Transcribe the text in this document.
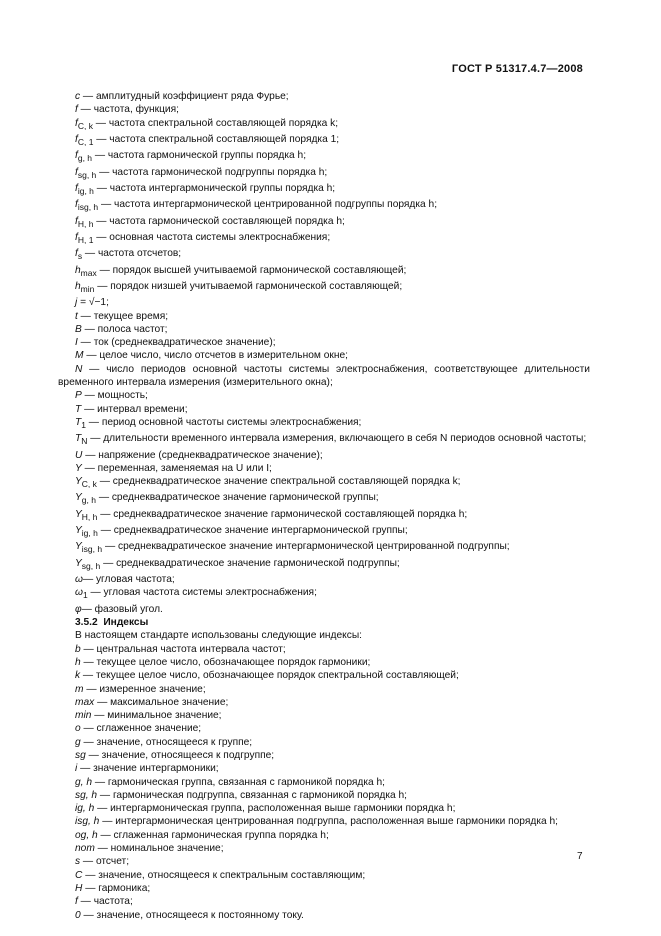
ГОСТ Р 51317.4.7—2008
c — амплитудный коэффициент ряда Фурье;
f — частота, функция;
$f_{C, k}$ — частота спектральной составляющей порядка k;
$f_{C, 1}$ — частота спектральной составляющей порядка 1;
$f_{g, h}$ — частота гармонической группы порядка h;
$f_{sg, h}$ — частота гармонической подгруппы порядка h;
$f_{ig, h}$ — частота интергармонической группы порядка h;
$f_{isg, h}$ — частота интергармонической центрированной подгруппы порядка h;
$f_{H, h}$ — частота гармонической составляющей порядка h;
$f_{H, 1}$ — основная частота системы электроснабжения;
$f_s$ — частота отсчетов;
$h_{max}$ — порядок высшей учитываемой гармонической составляющей;
$h_{min}$ — порядок низшей учитываемой гармонической составляющей;
j = √−1;
t — текущее время;
B — полоса частот;
I — ток (среднеквадратическое значение);
M — целое число, число отсчетов в измерительном окне;
N — число периодов основной частоты системы электроснабжения, соответствующее длительности временного интервала измерения (измерительного окна);
P — мощность;
T — интервал времени;
$T_1$ — период основной частоты системы электроснабжения;
$T_N$ — длительности временного интервала измерения, включающего в себя N периодов основной частоты;
U — напряжение (среднеквадратическое значение);
Y — переменная, заменяемая на U или I;
$Y_{C, k}$ — среднеквадратическое значение спектральной составляющей порядка k;
$Y_{g, h}$ — среднеквадратическое значение гармонической группы;
$Y_{H, h}$ — среднеквадратическое значение гармонической составляющей порядка h;
$Y_{ig, h}$ — среднеквадратическое значение интергармонической группы;
$Y_{isg, h}$ — среднеквадратическое значение интергармонической центрированной подгруппы;
$Y_{sg, h}$ — среднеквадратическое значение гармонической подгруппы;
ω— угловая частота;
$\omega_1$ — угловая частота системы электроснабжения;
φ— фазовый угол.
3.5.2 Индексы
В настоящем стандарте использованы следующие индексы:
b — центральная частота интервала частот;
h — текущее целое число, обозначающее порядок гармоники;
k — текущее целое число, обозначающее порядок спектральной составляющей;
m — измеренное значение;
max — максимальное значение;
min — минимальное значение;
o — сглаженное значение;
g — значение, относящееся к группе;
sg — значение, относящееся к подгруппе;
i — значение интергармоники;
g, h — гармоническая группа, связанная с гармоникой порядка h;
sg, h — гармоническая подгруппа, связанная с гармоникой порядка h;
ig, h — интергармоническая группа, расположенная выше гармоники порядка h;
isg, h — интергармоническая центрированная подгруппа, расположенная выше гармоники порядка h;
og, h — сглаженная гармоническая группа порядка h;
nom — номинальное значение;
s — отсчет;
C — значение, относящееся к спектральным составляющим;
H — гармоника;
f — частота;
0 — значение, относящееся к постоянному току.
7
